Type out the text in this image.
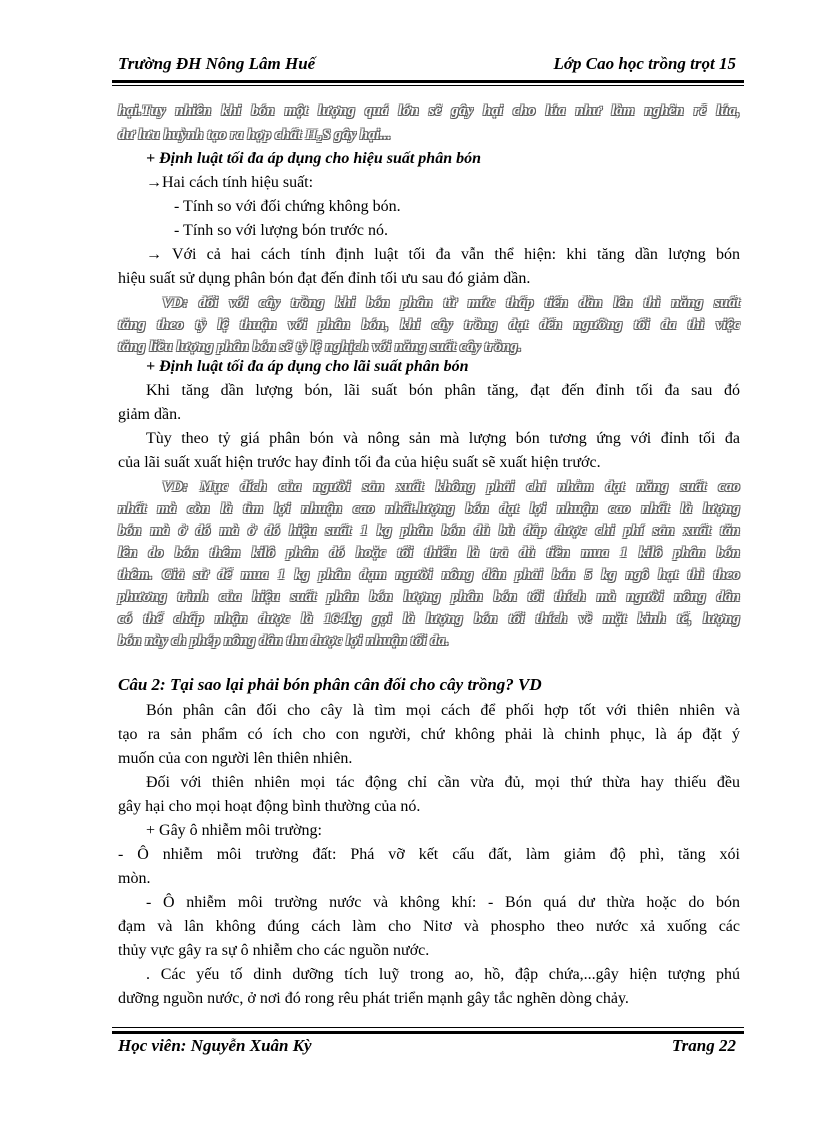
Trường ĐH Nông Lâm Huế	Lớp Cao học trồng trọt 15
hại.Tuy nhiên khi bón một lượng quá lớn sẽ gây hại cho lúa như làm nghẽn rễ lúa,
dư lưu huỳnh tạo ra hợp chất H₂S gây hại...
+ Định luật tối đa áp dụng cho hiệu suất phân bón
→Hai cách tính hiệu suất:
- Tính so với đối chứng không bón.
- Tính so với lượng bón trước nó.
→ Với cả hai cách tính định luật tối đa vẫn thể hiện: khi tăng dần lượng bón
hiệu suất sử dụng phân bón đạt đến đỉnh tối ưu sau đó giảm dần.
VD: đối với cây trồng khi bón phân từ mức thấp tiến dần lên thì năng suất
tăng theo tỷ lệ thuận với phân bón, khi cây trồng đạt đến ngưỡng tối đa thì việc
tăng liều lượng phân bón sẽ tỷ lệ nghịch với năng suất cây trồng.
+ Định luật tối đa áp dụng cho lãi suất phân bón
Khi tăng dần lượng bón, lãi suất bón phân tăng, đạt đến đỉnh tối đa sau đó
giảm dần.
Tùy theo tỷ giá phân bón và nông sản mà lượng bón tương ứng với đỉnh tối đa
của lãi suất xuất hiện trước hay đỉnh tối đa của hiệu suất sẽ xuất hiện trước.
VD: Mục đích của người sản xuất không phải chỉ nhằm đạt năng suất cao
nhất mà còn là tìm lợi nhuận cao nhất.lượng bón đạt lợi nhuận cao nhất là lượng
bón mà ở đó mà ở đó hiệu suất 1 kg phân bón đủ bù đắp được chi phí sản xuất tăn
lên do bón thêm kilô phân đó hoặc tối thiểu là trả đủ tiền mua 1 kilô phân bón
thêm. Giả sử để mua 1 kg phân đạm người nông dân phải bán 5 kg ngô hạt thì theo
phương trình của hiệu suất phân bón lượng phân bón tối thích mà người nông dân
có thể chấp nhận được là 164kg gọi là lượng bón tối thích về mặt kinh tế, lượng
bón này ch phép nông dân thu được lợi nhuận tối đa.
Câu 2: Tại sao lại phải bón phân cân đối cho cây trồng? VD
Bón phân cân đối cho cây là tìm mọi cách để phối hợp tốt với thiên nhiên và
tạo ra sản phẩm có ích cho con người, chứ không phải là chinh phục, là áp đặt ý
muốn của con người lên thiên nhiên.
Đối với thiên nhiên mọi tác động chỉ cần vừa đủ, mọi thứ thừa hay thiếu đều
gây hại cho mọi hoạt động bình thường của nó.
+ Gây ô nhiễm môi trường:
- Ô nhiễm môi trường đất: Phá vỡ kết cấu đất, làm giảm độ phì, tăng xói
mòn.
- Ô nhiễm môi trường nước và không khí: - Bón quá dư thừa hoặc do bón
đạm và lân không đúng cách làm cho Nitơ và phospho theo nước xả xuống các
thủy vực gây ra sự ô nhiễm cho các nguồn nước.
. Các yếu tố dinh dưỡng tích luỹ trong ao, hồ, đập chứa,...gây hiện tượng phú
dưỡng nguồn nước, ở nơi đó rong rêu phát triển mạnh gây tắc nghẽn dòng chảy.
Học viên: Nguyễn Xuân Kỳ	Trang 22
